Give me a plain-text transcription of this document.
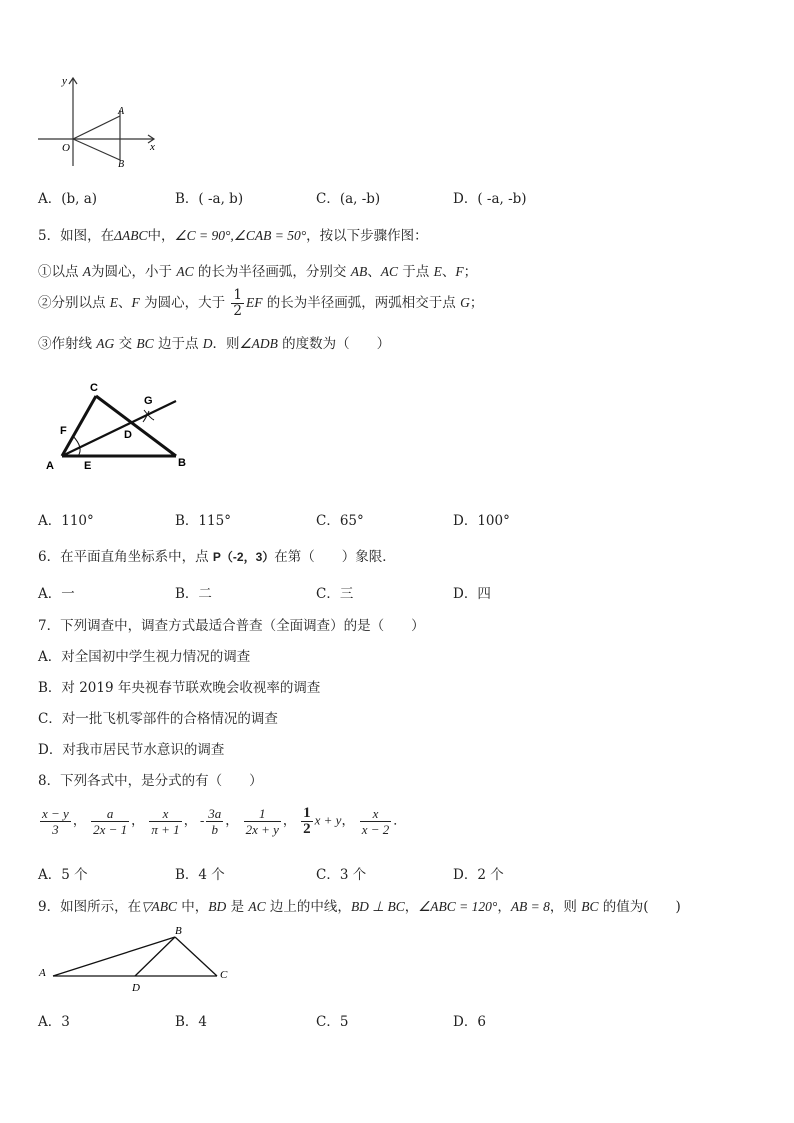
y
x
O
A
B
A．(b, a)	B．( -a, b)	C．(a, -b)	D．( -a, -b)
5．如图，在ΔABC中，∠C = 90°,∠CAB = 50°，按以下步骤作图：
①以点 A为圆心，小于 AC 的长为半径画弧，分别交 AB、AC 于点 E、F；
②分别以点 E、F 为圆心，大于 $\frac{1}{2}$ EF 的长为半径画弧，两弧相交于点 G；
③作射线 AG 交 BC 边于点 D．则∠ADB 的度数为（　　）
C
G
F	D
A	E	B
A．110°	B．115°	C．65°	D．100°
6．在平面直角坐标系中，点 P（-2，3）在第（　　）象限．
A．一	B．二	C．三	D．四
7．下列调查中，调查方式最适合普查（全面调查）的是（　　）
A．对全国初中学生视力情况的调查
B．对 2019 年央视春节联欢晚会收视率的调查
C．对一批飞机零部件的合格情况的调查
D．对我市居民节水意识的调查
8．下列各式中，是分式的有（　　）
$\frac{x - y}{3}$ ， $\frac{a}{2x - 1}$ ， $\frac{x}{\pi + 1}$ ， - $\frac{3a}{b}$ ， $\frac{1}{2x + y}$ ， $\frac{1}{2}$ x + y， $\frac{x}{x - 2}$ ．
A．5 个	B．4 个	C．3 个	D．2 个
9．如图所示，在▽ABC 中，BD 是 AC 边上的中线，BD ⊥ BC，∠ABC = 120°，AB = 8，则 BC 的值为(　　)
A
B
C
D
A．3	B．4	C．5	D．6
